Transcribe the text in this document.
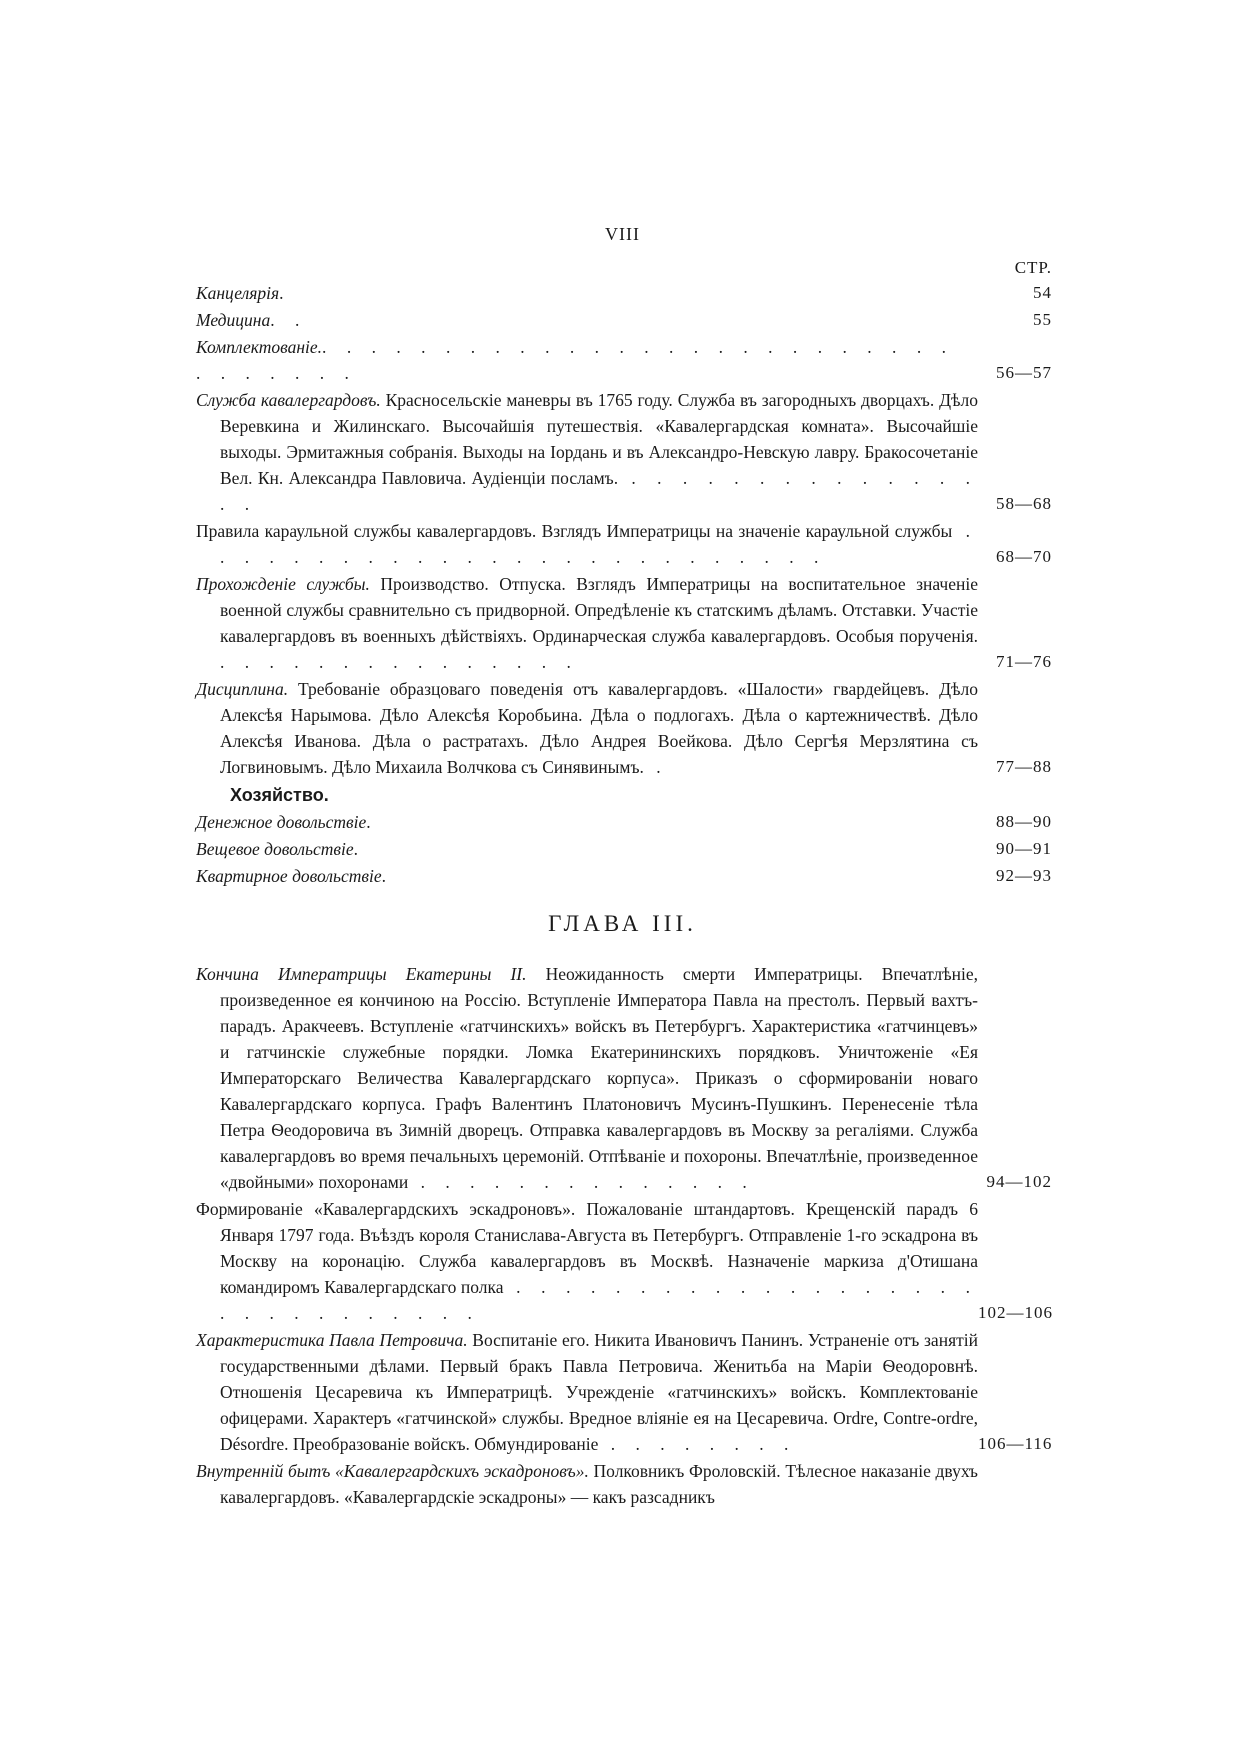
VIII
СТР.
Канцелярія.	54
Медицина. .	55
Комплектованіе.. . . . . . . . . . . . . . . . . . . . . . . . . . . . . . . . .	56—57
Служба кавалергардовъ. Красносельскіе маневры въ 1765 году. Служба въ загородныхъ дворцахъ. Дѣло Веревкина и Жилинскаго. Высочайшія путешествія. «Кавалергардская комната». Высочайшіе выходы. Эрмитажныя собранія. Выходы на Іордань и въ Александро-Невскую лавру. Бракосочетаніе Вел. Кн. Александра Павловича. Аудіенціи посламъ. . . . . . . . . . . . . . . . .	58—68
Правила караульной службы кавалергардовъ. Взглядъ Императрицы на значеніе караульной службы . . . . . . . . . . . . . . . . . . . . . . . . . .	68—70
Прохожденіе службы. Производство. Отпуска. Взглядъ Императрицы на воспитательное значеніе военной службы сравнительно съ придворной. Опредѣленіе къ статскимъ дѣламъ. Отставки. Участіе кавалергардовъ въ военныхъ дѣйствіяхъ. Ординарческая служба кавалергардовъ. Особыя порученія. . . . . . . . . . . . . . . .	71—76
Дисциплина. Требованіе образцоваго поведенія отъ кавалергардовъ. «Шалости» гвардейцевъ. Дѣло Алексѣя Нарымова. Дѣло Алексѣя Коробьина. Дѣла о подлогахъ. Дѣла о картежничествѣ. Дѣло Алексѣя Иванова. Дѣла о растратахъ. Дѣло Андрея Воейкова. Дѣло Сергѣя Мерзлятина съ Логвиновымъ. Дѣло Михаила Волчкова съ Синявинымъ. .	77—88
Хозяйство.
Денежное довольствіе.	88—90
Вещевое довольствіе.	90—91
Квартирное довольствіе.	92—93
ГЛАВА III.
Кончина Императрицы Екатерины II. Неожиданность смерти Императрицы. Впечатлѣніе, произведенное ея кончиною на Россію. Вступленіе Императора Павла на престолъ. Первый вахтъ-парадъ. Аракчеевъ. Вступленіе «гатчинскихъ» войскъ въ Петербургъ. Характеристика «гатчинцевъ» и гатчинскіе служебные порядки. Ломка Екатерининскихъ порядковъ. Уничтоженіе «Ея Императорскаго Величества Кавалергардскаго корпуса». Приказъ о сформированіи новаго Кавалергардскаго корпуса. Графъ Валентинъ Платоновичъ Мусинъ-Пушкинъ. Перенесеніе тѣла Петра Ѳеодоровича въ Зимній дворецъ. Отправка кавалергардовъ въ Москву за регаліями. Служба кавалергардовъ во время печальныхъ церемоній. Отпѣваніе и похороны. Впечатлѣніе, произведенное «двойными» похоронами . . . . . . . . . . . . . .	94—102
Формированіе «Кавалергардскихъ эскадроновъ». Пожалованіе штандартовъ. Крещенскій парадъ 6 Января 1797 года. Въѣздъ короля Станислава-Августа въ Петербургъ. Отправленіе 1-го эскадрона въ Москву на коронацію. Служба кавалергардовъ въ Москвѣ. Назначеніе маркиза д'Отишана командиромъ Кавалергардскаго полка . . . . . . . . . . . . . . . . . . . . . . . . . . . . . .	102—106
Характеристика Павла Петровича. Воспитаніе его. Никита Ивановичъ Панинъ. Устраненіе отъ занятій государственными дѣлами. Первый бракъ Павла Петровича. Женитьба на Маріи Ѳеодоровнѣ. Отношенія Цесаревича къ Императрицѣ. Учрежденіе «гатчинскихъ» войскъ. Комплектованіе офицерами. Характеръ «гатчинской» службы. Вредное вліяніе ея на Цесаревича. Ordre, Contre-ordre, Désordre. Преобразованіе войскъ. Обмундированіе . . . . . . . .	106—116
Внутренній бытъ «Кавалергардскихъ эскадроновъ». Полковникъ Фроловскій. Тѣлесное наказаніе двухъ кавалергардовъ. «Кавалергардскіе эскадроны» — какъ разсадникъ
